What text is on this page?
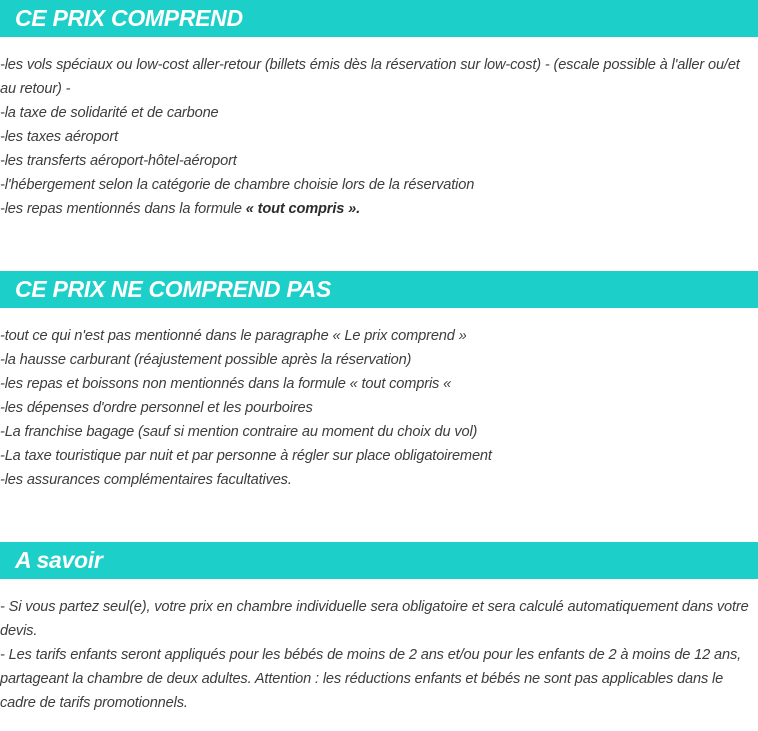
CE PRIX COMPREND

-les vols spéciaux ou low-cost aller-retour (billets émis dès la réservation sur low-cost) - (escale possible à l'aller ou/et au retour) -

-la taxe de solidarité et de carbone

-les taxes aéroport

-les transferts aéroport-hôtel-aéroport

-l'hébergement selon la catégorie de chambre choisie lors de la réservation

-les repas mentionnés dans la formule « tout compris ».

CE PRIX NE COMPREND PAS

-tout ce qui n'est pas mentionné dans le paragraphe « Le prix comprend »

-la hausse carburant (réajustement possible après la réservation)

-les repas et boissons non mentionnés dans la formule « tout compris «

-les dépenses d'ordre personnel et les pourboires

-La franchise bagage (sauf si mention contraire au moment du choix du vol)

-La taxe touristique par nuit et par personne à régler sur place obligatoirement

-les assurances complémentaires facultatives.

A savoir

- Si vous partez seul(e), votre prix en chambre individuelle sera obligatoire et sera calculé automatiquement dans votre devis.

- Les tarifs enfants seront appliqués pour les bébés de moins de 2 ans et/ou pour les enfants de 2 à moins de 12 ans, partageant la chambre de deux adultes. Attention : les réductions enfants et bébés ne sont pas applicables dans le cadre de tarifs promotionnels.
